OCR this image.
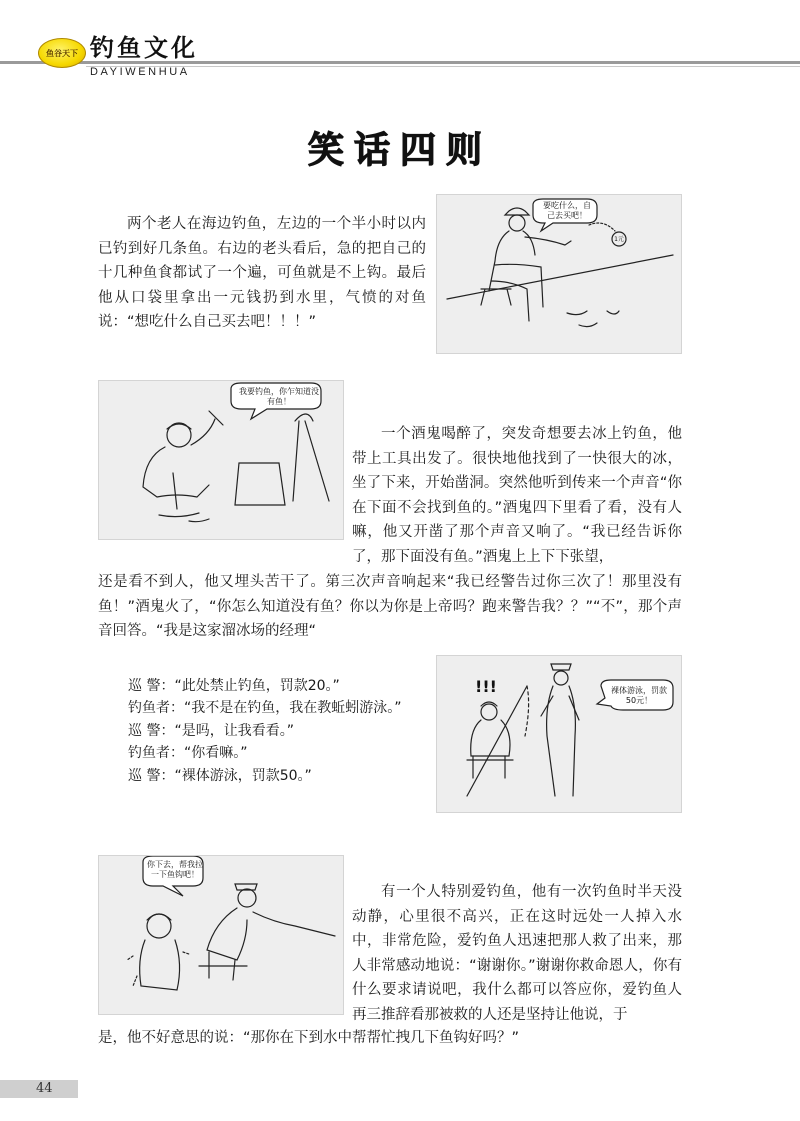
鱼谷天下 钓鱼文化
DAYIWENHUA
笑话四则

两个老人在海边钓鱼，左边的一个半小时以内已钓到好几条鱼。右边的老头看后，急的把自己的十几种鱼食都试了一个遍，可鱼就是不上钩。最后他从口袋里拿出一元钱扔到水里，气愤的对鱼说：“想吃什么自己买去吧！！！”

要吃什么，自己去买吧！
1元
我要钓鱼，你乍知道没有鱼！

一个酒鬼喝醉了，突发奇想要去冰上钓鱼，他带上工具出发了。很快地他找到了一快很大的冰，坐了下来，开始凿洞。突然他听到传来一个声音“你在下面不会找到鱼的。”酒鬼四下里看了看，没有人嘛，他又开凿了那个声音又响了。“我已经告诉你了，那下面没有鱼。”酒鬼上上下下张望，

还是看不到人，他又埋头苦干了。第三次声音响起来“我已经警告过你三次了！那里没有鱼！”酒鬼火了，“你怎么知道没有鱼？你以为你是上帝吗？跑来警告我？？”“不”，那个声音回答。“我是这家溜冰场的经理“

巡 警：“此处禁止钓鱼，罚款20。”

钓鱼者：“我不是在钓鱼，我在教蚯蚓游泳。”

巡 警：“是吗，让我看看。”

钓鱼者：“你看嘛。”

巡 警：“裸体游泳，罚款50。”

裸体游泳，罚款50元！
!!!
你下去，帮我拉一下鱼钩吧！

有一个人特别爱钓鱼，他有一次钓鱼时半天没动静，心里很不高兴，正在这时远处一人掉入水中，非常危险，爱钓鱼人迅速把那人救了出来，那人非常感动地说：“谢谢你。”谢谢你救命恩人，你有什么要求请说吧，我什么都可以答应你，爱钓鱼人再三推辞看那被救的人还是坚持让他说，于

是，他不好意思的说：“那你在下到水中帮帮忙拽几下鱼钩好吗？”

44
